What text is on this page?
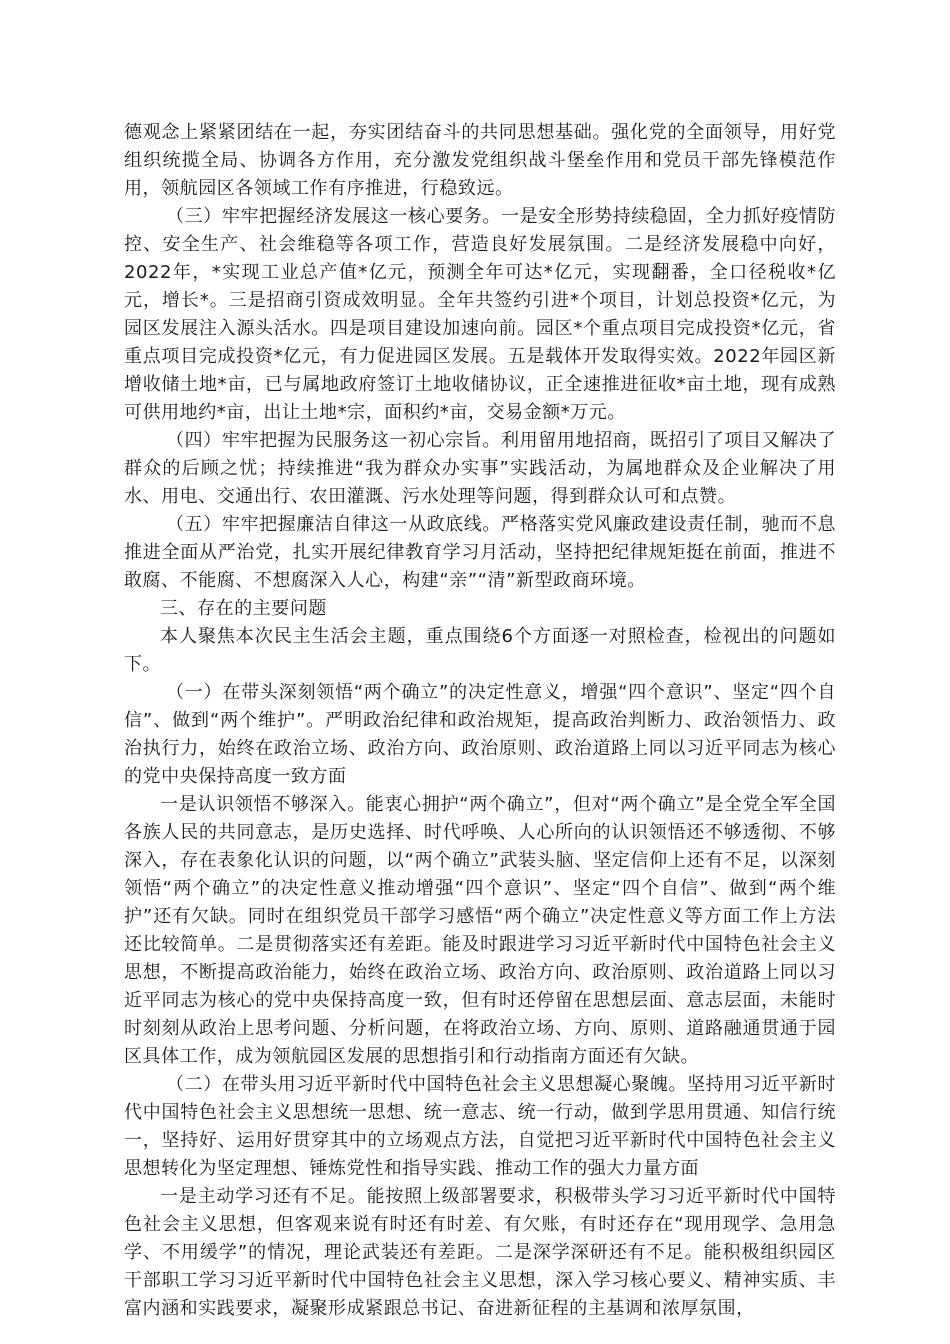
德观念上紧紧团结在一起，夯实团结奋斗的共同思想基础。强化党的全面领导，用好党组织统揽全局、协调各方作用，充分激发党组织战斗堡垒作用和党员干部先锋模范作用，领航园区各领域工作有序推进，行稳致远。

（三）牢牢把握经济发展这一核心要务。一是安全形势持续稳固，全力抓好疫情防控、安全生产、社会维稳等各项工作，营造良好发展氛围。二是经济发展稳中向好，2022年，*实现工业总产值*亿元，预测全年可达*亿元，实现翻番，全口径税收*亿元，增长*。三是招商引资成效明显。全年共签约引进*个项目，计划总投资*亿元，为园区发展注入源头活水。四是项目建设加速向前。园区*个重点项目完成投资*亿元，省重点项目完成投资*亿元，有力促进园区发展。五是载体开发取得实效。2022年园区新增收储土地*亩，已与属地政府签订土地收储协议，正全速推进征收*亩土地，现有成熟可供用地约*亩，出让土地*宗，面积约*亩，交易金额*万元。

（四）牢牢把握为民服务这一初心宗旨。利用留用地招商，既招引了项目又解决了群众的后顾之忧；持续推进“我为群众办实事”实践活动，为属地群众及企业解决了用水、用电、交通出行、农田灌溉、污水处理等问题，得到群众认可和点赞。

（五）牢牢把握廉洁自律这一从政底线。严格落实党风廉政建设责任制，驰而不息推进全面从严治党，扎实开展纪律教育学习月活动，坚持把纪律规矩挺在前面，推进不敢腐、不能腐、不想腐深入人心，构建“亲”“清”新型政商环境。

三、存在的主要问题

本人聚焦本次民主生活会主题，重点围绕6个方面逐一对照检查，检视出的问题如下。

（一）在带头深刻领悟“两个确立”的决定性意义，增强“四个意识”、坚定“四个自信”、做到“两个维护”。严明政治纪律和政治规矩，提高政治判断力、政治领悟力、政治执行力，始终在政治立场、政治方向、政治原则、政治道路上同以习近平同志为核心的党中央保持高度一致方面

一是认识领悟不够深入。能衷心拥护“两个确立”，但对“两个确立”是全党全军全国各族人民的共同意志，是历史选择、时代呼唤、人心所向的认识领悟还不够透彻、不够深入，存在表象化认识的问题，以“两个确立”武装头脑、坚定信仰上还有不足，以深刻领悟“两个确立”的决定性意义推动增强“四个意识”、坚定“四个自信”、做到“两个维护”还有欠缺。同时在组织党员干部学习感悟“两个确立”决定性意义等方面工作上方法还比较简单。二是贯彻落实还有差距。能及时跟进学习习近平新时代中国特色社会主义思想，不断提高政治能力，始终在政治立场、政治方向、政治原则、政治道路上同以习近平同志为核心的党中央保持高度一致，但有时还停留在思想层面、意志层面，未能时时刻刻从政治上思考问题、分析问题，在将政治立场、方向、原则、道路融通贯通于园区具体工作，成为领航园区发展的思想指引和行动指南方面还有欠缺。

（二）在带头用习近平新时代中国特色社会主义思想凝心聚魄。坚持用习近平新时代中国特色社会主义思想统一思想、统一意志、统一行动，做到学思用贯通、知信行统一，坚持好、运用好贯穿其中的立场观点方法，自觉把习近平新时代中国特色社会主义思想转化为坚定理想、锤炼党性和指导实践、推动工作的强大力量方面

一是主动学习还有不足。能按照上级部署要求，积极带头学习习近平新时代中国特色社会主义思想，但客观来说有时还有时差、有欠账，有时还存在“现用现学、急用急学、不用缓学”的情况，理论武装还有差距。二是深学深研还有不足。能积极组织园区干部职工学习习近平新时代中国特色社会主义思想，深入学习核心要义、精神实质、丰富内涵和实践要求，凝聚形成紧跟总书记、奋进新征程的主基调和浓厚氛围，
